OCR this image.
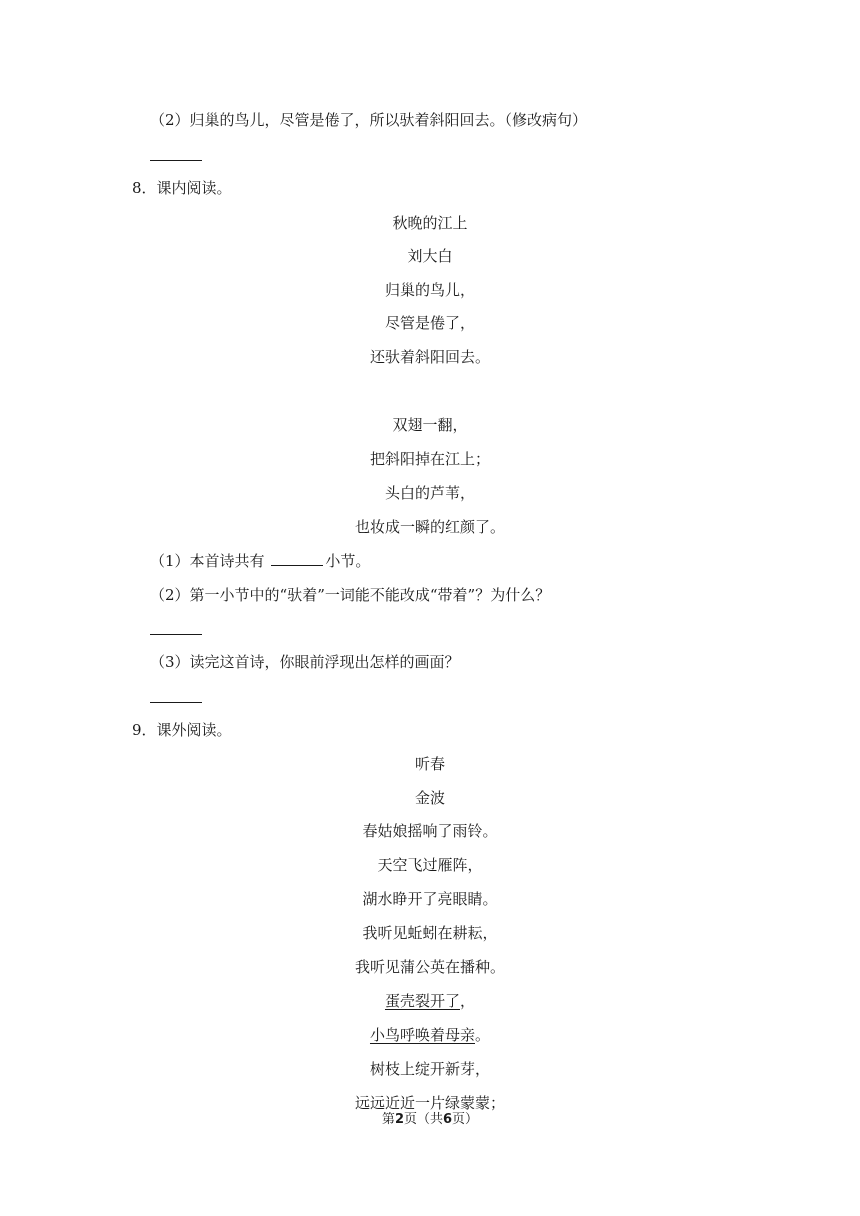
（2）归巢的鸟儿，尽管是倦了，所以驮着斜阳回去。（修改病句）
8．课内阅读。
秋晚的江上
刘大白
归巢的鸟儿，
尽管是倦了，
还驮着斜阳回去。
双翅一翻，
把斜阳掉在江上；
头白的芦苇，
也妆成一瞬的红颜了。
（1）本首诗共有	小节。
（2）第一小节中的“驮着”一词能不能改成“带着”？为什么？
（3）读完这首诗，你眼前浮现出怎样的画面？
9．课外阅读。
听春
金波
春姑娘摇响了雨铃。
天空飞过雁阵，
湖水睁开了亮眼睛。
我听见蚯蚓在耕耘，
我听见蒲公英在播种。
蛋壳裂开了，
小鸟呼唤着母亲。
树枝上绽开新芽，
远远近近一片绿蒙蒙；
第2页（共6页）
